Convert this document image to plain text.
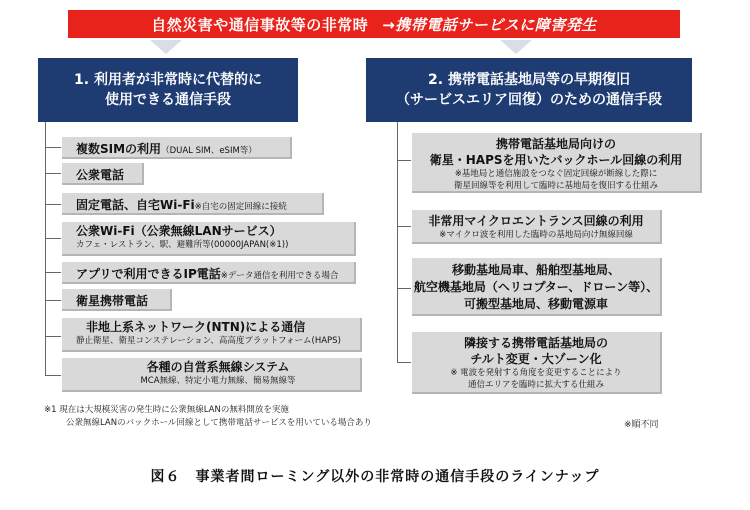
自然災害や通信事故等の非常時 →携帯電話サービスに障害発生
1. 利用者が非常時に代替的に
使用できる通信手段
2. 携帯電話基地局等の早期復旧
（サービスエリア回復）のための通信手段
複数SIMの利用（DUAL SIM、eSIM等）
公衆電話
固定電話、自宅Wi-Fi※自宅の固定回線に接続
公衆Wi-Fi（公衆無線LANサービス）
カフェ・レストラン、駅、避難所等(00000JAPAN(※1))
アプリで利用できるIP電話※データ通信を利用できる場合
衛星携帯電話
非地上系ネットワーク(NTN)による通信
静止衛星、衛星コンステレーション、高高度プラットフォーム(HAPS)
各種の自営系無線システム
MCA無線、特定小電力無線、簡易無線等
携帯電話基地局向けの
衛星・HAPSを用いたバックホール回線の利用
※基地局と通信施設をつなぐ固定回線が断線した際に
衛星回線等を利用して臨時に基地局を復旧する仕組み
非常用マイクロエントランス回線の利用
※マイクロ波を利用した臨時の基地局向け無線回線
移動基地局車、船舶型基地局、
航空機基地局（ヘリコプター、ドローン等）、
可搬型基地局、移動電源車
隣接する携帯電話基地局の
チルト変更・大ゾーン化
※ 電波を発射する角度を変更することにより
通信エリアを臨時に拡大する仕組み
※1 現在は大規模災害の発生時に公衆無線LANの無料開放を実施
公衆無線LANのバックホール回線として携帯電話サービスを用いている場合あり	※順不同
図６　事業者間ローミング以外の非常時の通信手段のラインナップ
